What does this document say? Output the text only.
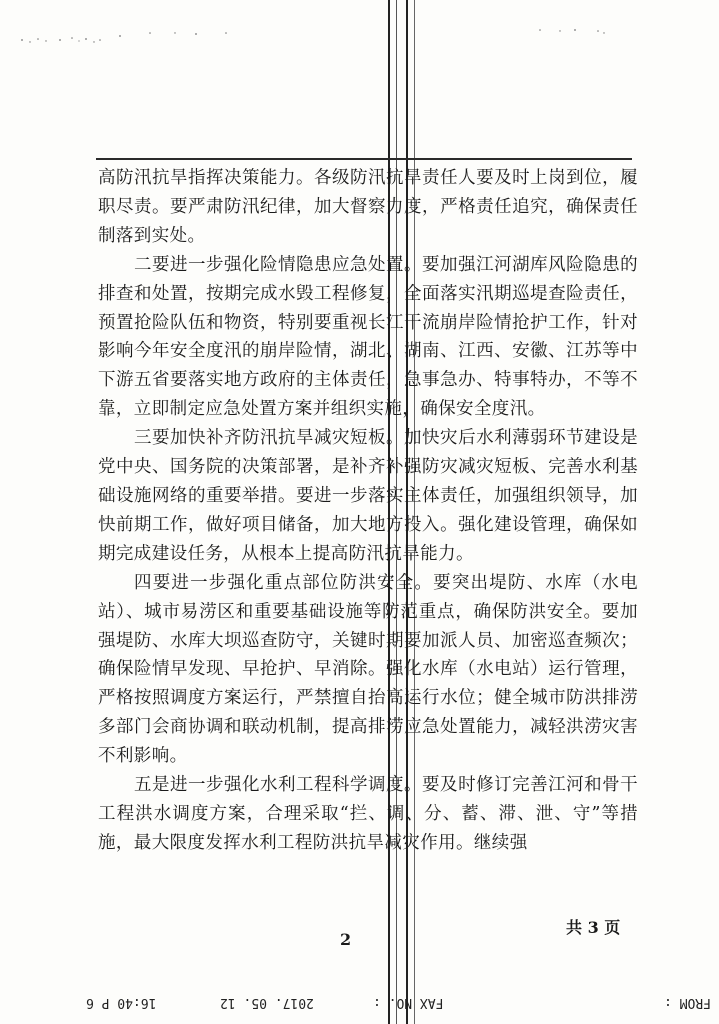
高防汛抗旱指挥决策能力。各级防汛抗旱责任人要及时上岗到位，履职尽责。要严肃防汛纪律，加大督察力度，严格责任追究，确保责任制落到实处。

二要进一步强化险情隐患应急处置。要加强江河湖库风险隐患的排查和处置，按期完成水毁工程修复，全面落实汛期巡堤查险责任，预置抢险队伍和物资，特别要重视长江干流崩岸险情抢护工作，针对影响今年安全度汛的崩岸险情，湖北、湖南、江西、安徽、江苏等中下游五省要落实地方政府的主体责任，急事急办、特事特办，不等不靠，立即制定应急处置方案并组织实施，确保安全度汛。

三要加快补齐防汛抗旱减灾短板。加快灾后水利薄弱环节建设是党中央、国务院的决策部署，是补齐补强防灾减灾短板、完善水利基础设施网络的重要举措。要进一步落实主体责任，加强组织领导，加快前期工作，做好项目储备，加大地方投入。强化建设管理，确保如期完成建设任务，从根本上提高防汛抗旱能力。

四要进一步强化重点部位防洪安全。要突出堤防、水库（水电站）、城市易涝区和重要基础设施等防范重点，确保防洪安全。要加强堤防、水库大坝巡查防守，关键时期要加派人员、加密巡查频次；确保险情早发现、早抢护、早消除。强化水库（水电站）运行管理，严格按照调度方案运行，严禁擅自抬高运行水位；健全城市防洪排涝多部门会商协调和联动机制，提高排涝应急处置能力，减轻洪涝灾害不利影响。

五是进一步强化水利工程科学调度。要及时修订完善江河和骨干工程洪水调度方案，合理采取“拦、调、分、蓄、滞、泄、守”等措施，最大限度发挥水利工程防洪抗旱减灾作用。继续强

共 3 页
2
FROM :
FAX NO. :
2017. 05. 12
16:40 P 6
